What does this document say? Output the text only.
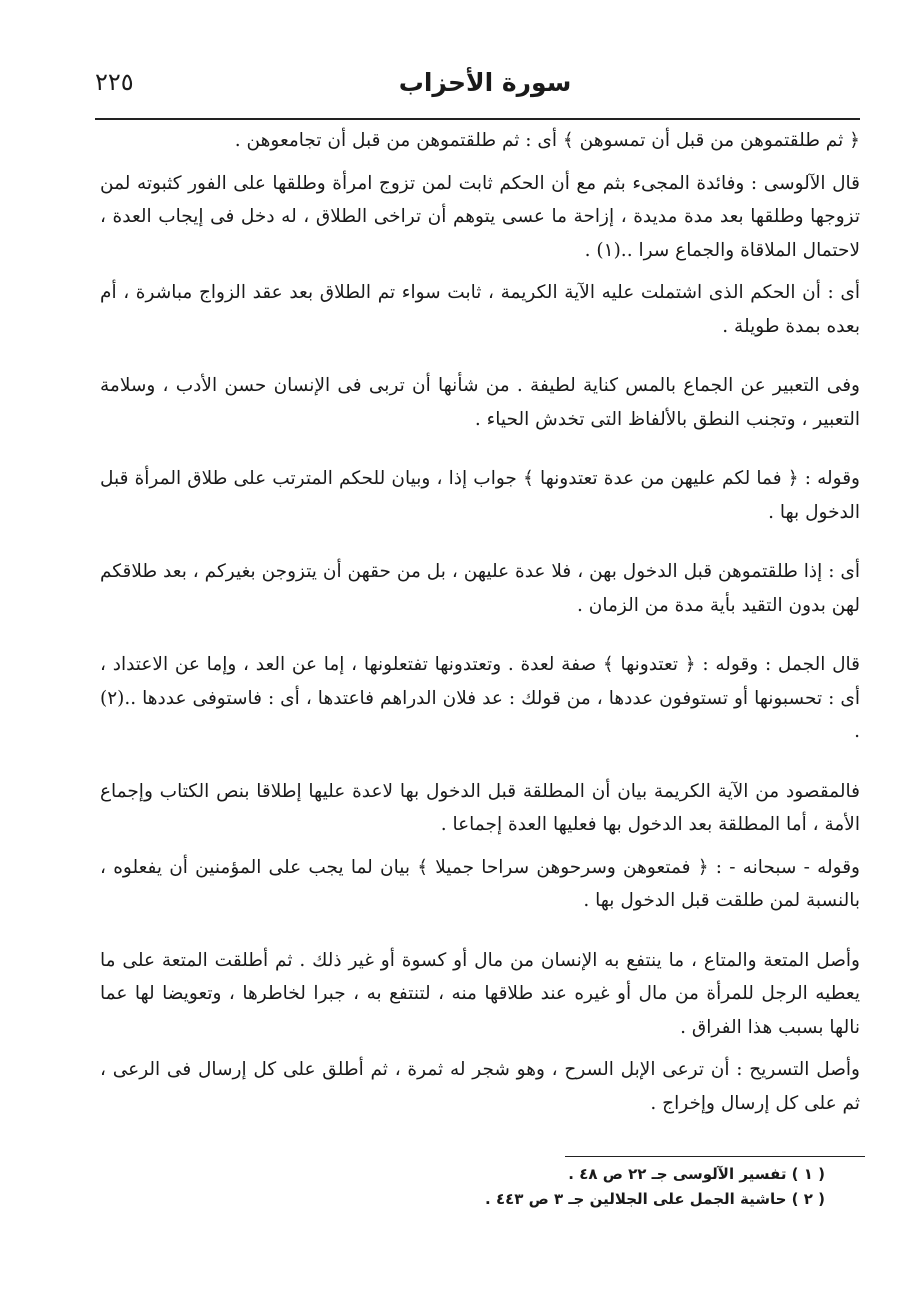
٢٢٥	سورة الأحزاب

﴿ ثم طلقتموهن من قبل أن تمسوهن ﴾ أى : ثم طلقتموهن من قبل أن تجامعوهن .

قال الآلوسى : وفائدة المجىء بثم مع أن الحكم ثابت لمن تزوج امرأة وطلقها على الفور كثبوته لمن تزوجها وطلقها بعد مدة مديدة ، إزاحة ما عسى يتوهم أن تراخى الطلاق ، له دخل فى إيجاب العدة ، لاحتمال الملاقاة والجماع سرا ..(١) .

أى : أن الحكم الذى اشتملت عليه الآية الكريمة ، ثابت سواء تم الطلاق بعد عقد الزواج مباشرة ، أم بعده بمدة طويلة .

وفى التعبير عن الجماع بالمس كناية لطيفة . من شأنها أن تربى فى الإنسان حسن الأدب ، وسلامة التعبير ، وتجنب النطق بالألفاظ التى تخدش الحياء .

وقوله : ﴿ فما لكم عليهن من عدة تعتدونها ﴾ جواب إذا ، وبيان للحكم المترتب على طلاق المرأة قبل الدخول بها .

أى : إذا طلقتموهن قبل الدخول بهن ، فلا عدة عليهن ، بل من حقهن أن يتزوجن بغيركم ، بعد طلاقكم لهن بدون التقيد بأية مدة من الزمان .

قال الجمل : وقوله : ﴿ تعتدونها ﴾ صفة لعدة . وتعتدونها تفتعلونها ، إما عن العد ، وإما عن الاعتداد ، أى : تحسبونها أو تستوفون عددها ، من قولك : عد فلان الدراهم فاعتدها ، أى : فاستوفى عددها ..(٢) .

فالمقصود من الآية الكريمة بيان أن المطلقة قبل الدخول بها لاعدة عليها إطلاقا بنص الكتاب وإجماع الأمة ، أما المطلقة بعد الدخول بها فعليها العدة إجماعا .

وقوله - سبحانه - : ﴿ فمتعوهن وسرحوهن سراحا جميلا ﴾ بيان لما يجب على المؤمنين أن يفعلوه ، بالنسبة لمن طلقت قبل الدخول بها .

وأصل المتعة والمتاع ، ما ينتفع به الإنسان من مال أو كسوة أو غير ذلك . ثم أطلقت المتعة على ما يعطيه الرجل للمرأة من مال أو غيره عند طلاقها منه ، لتنتفع به ، جبرا لخاطرها ، وتعويضا لها عما نالها بسبب هذا الفراق .

وأصل التسريح : أن ترعى الإبل السرح ، وهو شجر له ثمرة ، ثم أطلق على كل إرسال فى الرعى ، ثم على كل إرسال وإخراج .

( ١ ) تفسير الآلوسى جـ ٢٢ ص ٤٨ .
( ٢ ) حاشية الجمل على الجلالين جـ ٣ ص ٤٤٣ .
